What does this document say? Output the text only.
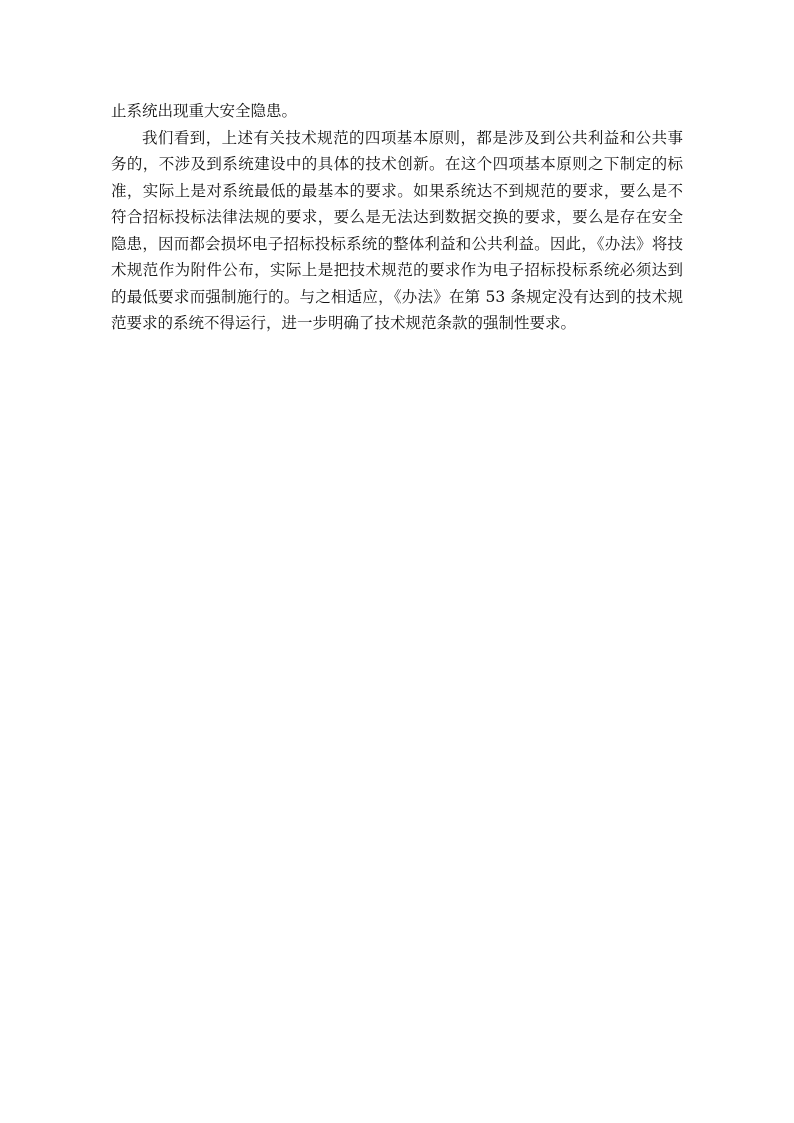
止系统出现重大安全隐患。

我们看到，上述有关技术规范的四项基本原则，都是涉及到公共利益和公共事务的，不涉及到系统建设中的具体的技术创新。在这个四项基本原则之下制定的标准，实际上是对系统最低的最基本的要求。如果系统达不到规范的要求，要么是不符合招标投标法律法规的要求，要么是无法达到数据交换的要求，要么是存在安全隐患，因而都会损坏电子招标投标系统的整体利益和公共利益。因此，《办法》将技术规范作为附件公布，实际上是把技术规范的要求作为电子招标投标系统必须达到的最低要求而强制施行的。与之相适应，《办法》在第 53 条规定没有达到的技术规范要求的系统不得运行，进一步明确了技术规范条款的强制性要求。
